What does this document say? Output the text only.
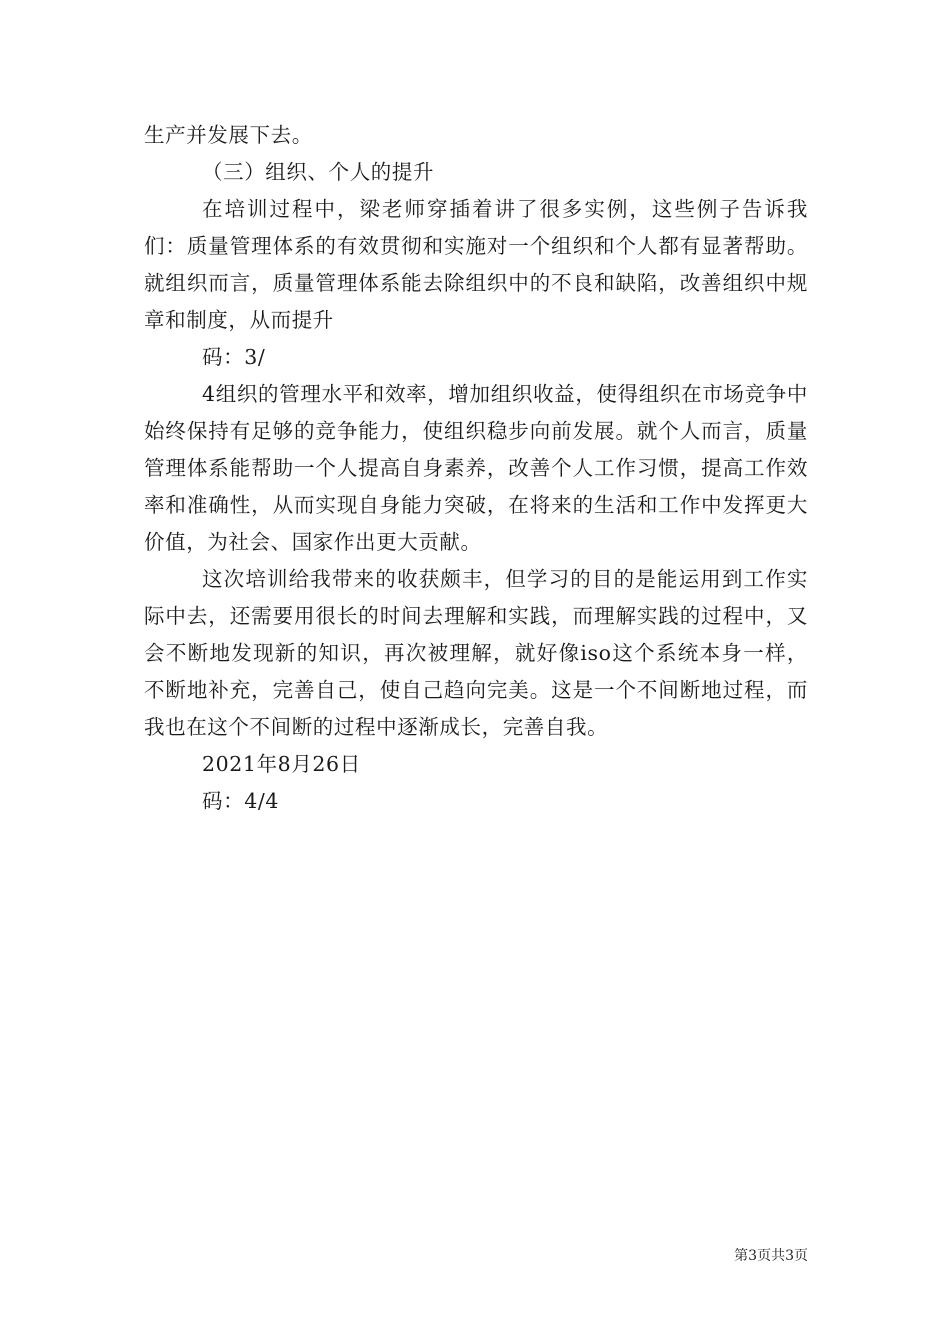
生产并发展下去。

（三）组织、个人的提升

在培训过程中，梁老师穿插着讲了很多实例，这些例子告诉我们：质量管理体系的有效贯彻和实施对一个组织和个人都有显著帮助。就组织而言，质量管理体系能去除组织中的不良和缺陷，改善组织中规章和制度，从而提升

码：3/

4组织的管理水平和效率，增加组织收益，使得组织在市场竞争中始终保持有足够的竞争能力，使组织稳步向前发展。就个人而言，质量管理体系能帮助一个人提高自身素养，改善个人工作习惯，提高工作效率和准确性，从而实现自身能力突破，在将来的生活和工作中发挥更大价值，为社会、国家作出更大贡献。

这次培训给我带来的收获颇丰，但学习的目的是能运用到工作实际中去，还需要用很长的时间去理解和实践，而理解实践的过程中，又会不断地发现新的知识，再次被理解，就好像iso这个系统本身一样，不断地补充，完善自己，使自己趋向完美。这是一个不间断地过程，而我也在这个不间断的过程中逐渐成长，完善自我。

2021年8月26日

码：4/4

第3页共3页
